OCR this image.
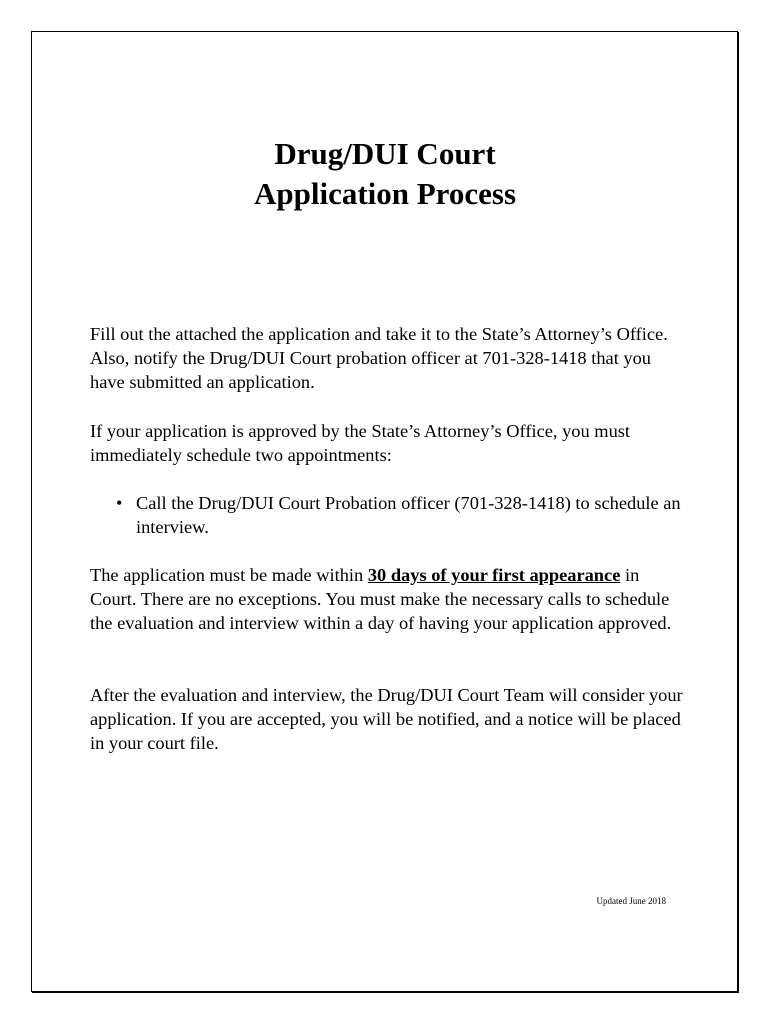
Drug/DUI Court
Application Process

Fill out the attached the application and take it to the State’s Attorney’s Office. Also, notify the Drug/DUI Court probation officer at 701-328-1418 that you have submitted an application.

If your application is approved by the State’s Attorney’s Office, you must immediately schedule two appointments:

• Call the Drug/DUI Court Probation officer (701-328-1418) to schedule an interview.

The application must be made within 30 days of your first appearance in Court. There are no exceptions. You must make the necessary calls to schedule the evaluation and interview within a day of having your application approved.

After the evaluation and interview, the Drug/DUI Court Team will consider your application. If you are accepted, you will be notified, and a notice will be placed in your court file.

Updated June 2018
